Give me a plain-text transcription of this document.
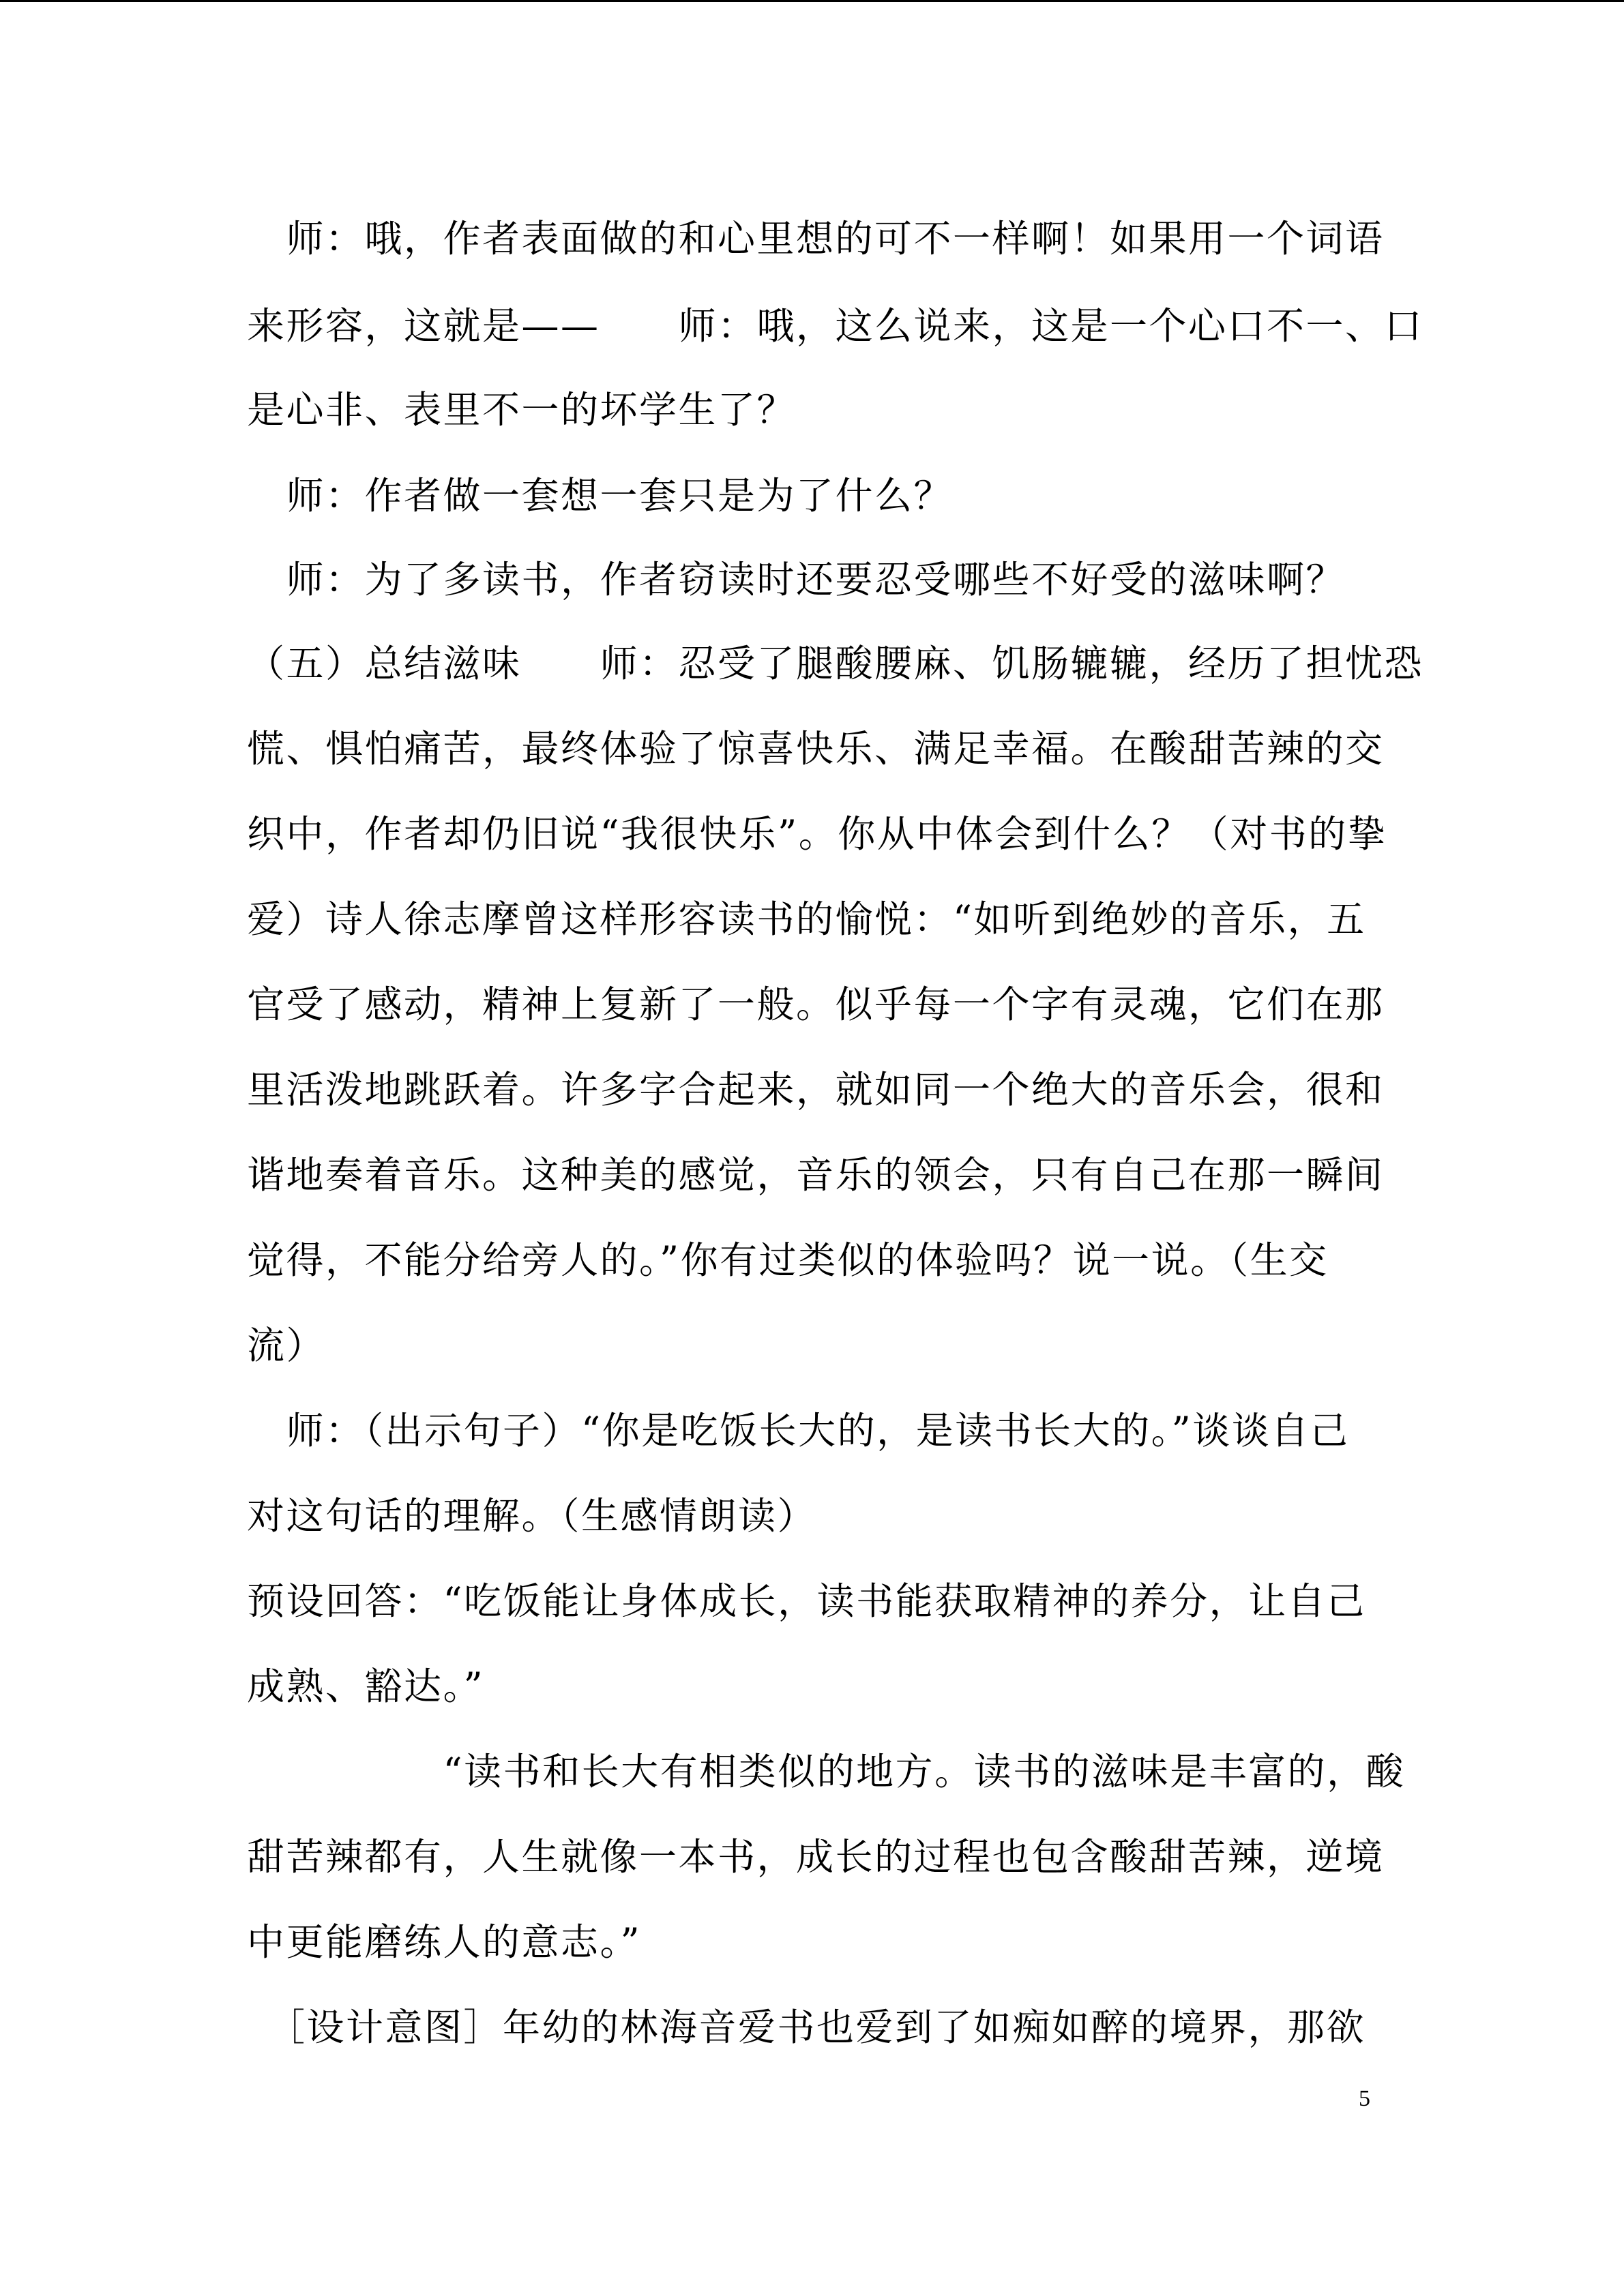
　师：哦，作者表面做的和心里想的可不一样啊！如果用一个词语
来形容，这就是——　　师：哦，这么说来，这是一个心口不一、口
是心非、表里不一的坏学生了？
　师：作者做一套想一套只是为了什么？
　师：为了多读书，作者窃读时还要忍受哪些不好受的滋味啊？
（五）总结滋味　　师：忍受了腿酸腰麻、饥肠辘辘，经历了担忧恐
慌、惧怕痛苦，最终体验了惊喜快乐、满足幸福。在酸甜苦辣的交
织中，作者却仍旧说“我很快乐”。你从中体会到什么？（对书的挚
爱）诗人徐志摩曾这样形容读书的愉悦：“如听到绝妙的音乐，五
官受了感动，精神上复新了一般。似乎每一个字有灵魂，它们在那
里活泼地跳跃着。许多字合起来，就如同一个绝大的音乐会，很和
谐地奏着音乐。这种美的感觉，音乐的领会，只有自己在那一瞬间
觉得，不能分给旁人的。”你有过类似的体验吗？说一说。（生交
流）
　师：（出示句子）“你是吃饭长大的，是读书长大的。”谈谈自己
对这句话的理解。（生感情朗读）
预设回答：“吃饭能让身体成长，读书能获取精神的养分，让自己
成熟、豁达。”
　　　　　“读书和长大有相类似的地方。读书的滋味是丰富的，酸
甜苦辣都有，人生就像一本书，成长的过程也包含酸甜苦辣，逆境
中更能磨练人的意志。”
　［设计意图］年幼的林海音爱书也爱到了如痴如醉的境界，那欲
5
